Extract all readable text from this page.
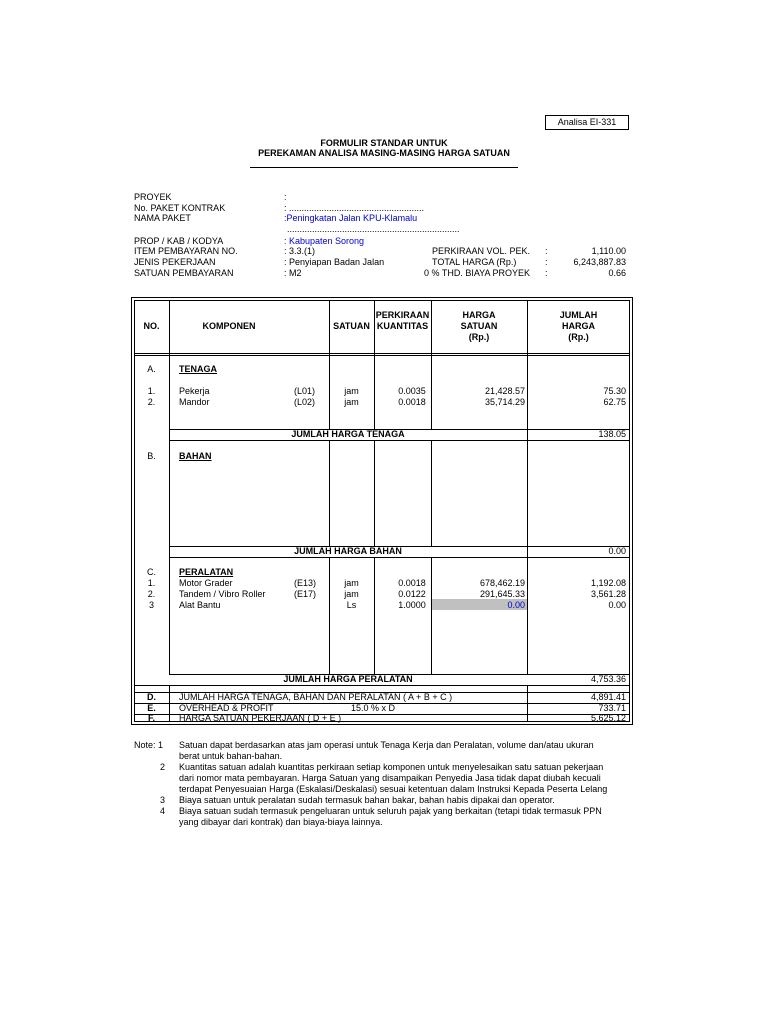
Analisa EI-331
FORMULIR STANDAR UNTUK
PEREKAMAN ANALISA MASING-MASING HARGA SATUAN
PROYEK	:
No. PAKET KONTRAK	: ......................................................
NAMA PAKET	:Peningkatan Jalan KPU-Klamalu
.....................................................................
PROP / KAB / KODYA	: Kabupaten Sorong
ITEM PEMBAYARAN NO.	: 3.3.(1)
JENIS PEKERJAAN	: Penyiapan Badan Jalan
SATUAN PEMBAYARAN	: M2
PERKIRAAN VOL. PEK. :	1,110.00
TOTAL HARGA (Rp.)	:	6,243,887.83
0 % THD. BIAYA PROYEK :	0.66
NO.	KOMPONEN	SATUAN
PERKIRAAN
KUANTITAS
HARGA
SATUAN
(Rp.)
JUMLAH
HARGA
(Rp.)
A.	TENAGA
1.	Pekerja	(L01)	jam	0.0035	21,428.57	75.30
2.	Mandor	(L02)	jam	0.0018	35,714.29	62.75
JUMLAH HARGA TENAGA	138.05
B.	BAHAN
JUMLAH HARGA BAHAN	0.00
C.	PERALATAN
1.	Motor Grader	(E13)	jam	0.0018	678,462.19	1,192.08
2.	Tandem / Vibro Roller	(E17)	jam	0.0122	291,645.33	3,561.28
3	Alat Bantu	Ls	1.0000	0.00	0.00
JUMLAH HARGA PERALATAN	4,753.36
D.	JUMLAH HARGA TENAGA, BAHAN DAN PERALATAN ( A + B + C )	4,891.41
E.	OVERHEAD & PROFIT	15.0 % x D	733.71
F.	HARGA SATUAN PEKERJAAN ( D + E )	5,625.12
Note: 1 Satuan dapat berdasarkan atas jam operasi untuk Tenaga Kerja dan Peralatan, volume dan/atau ukuran
berat untuk bahan-bahan.
2 Kuantitas satuan adalah kuantitas perkiraan setiap komponen untuk menyelesaikan satu satuan pekerjaan
dari nomor mata pembayaran. Harga Satuan yang disampaikan Penyedia Jasa tidak dapat diubah kecuali
terdapat Penyesuaian Harga (Eskalasi/Deskalasi) sesuai ketentuan dalam Instruksi Kepada Peserta Lelang
3 Biaya satuan untuk peralatan sudah termasuk bahan bakar, bahan habis dipakai dan operator.
4 Biaya satuan sudah termasuk pengeluaran untuk seluruh pajak yang berkaitan (tetapi tidak termasuk PPN
yang dibayar dari kontrak) dan biaya-biaya lainnya.
